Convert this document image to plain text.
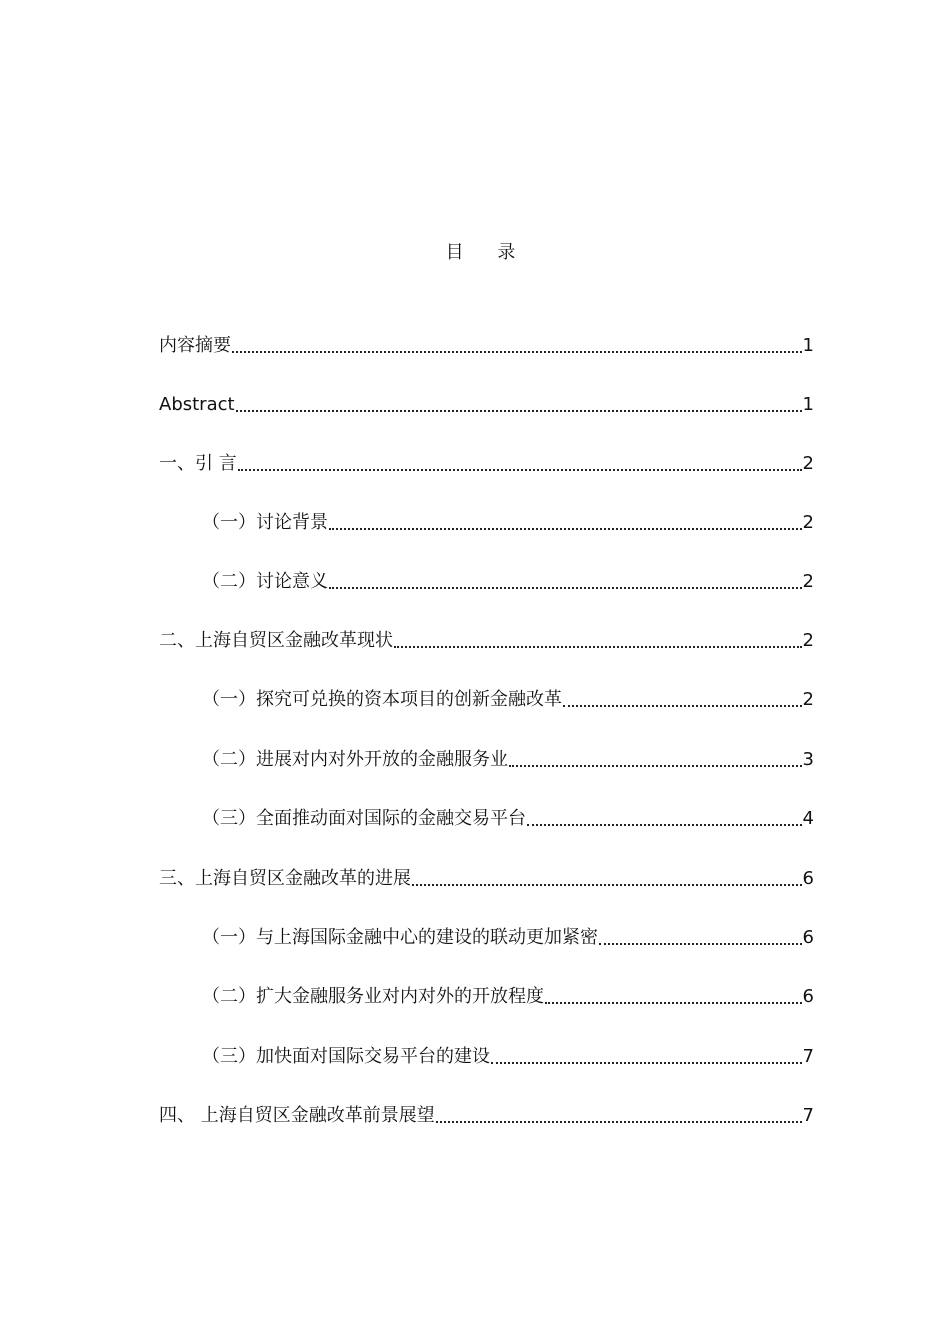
目 录
内容摘要	1
Abstract	1
一、引 言	2
（一）讨论背景	2
（二）讨论意义	2
二、上海自贸区金融改革现状	2
（一）探究可兑换的资本项目的创新金融改革	2
（二）进展对内对外开放的金融服务业	3
（三）全面推动面对国际的金融交易平台	4
三、上海自贸区金融改革的进展	6
（一）与上海国际金融中心的建设的联动更加紧密	6
（二）扩大金融服务业对内对外的开放程度	6
（三）加快面对国际交易平台的建设	7
四、 上海自贸区金融改革前景展望	7
